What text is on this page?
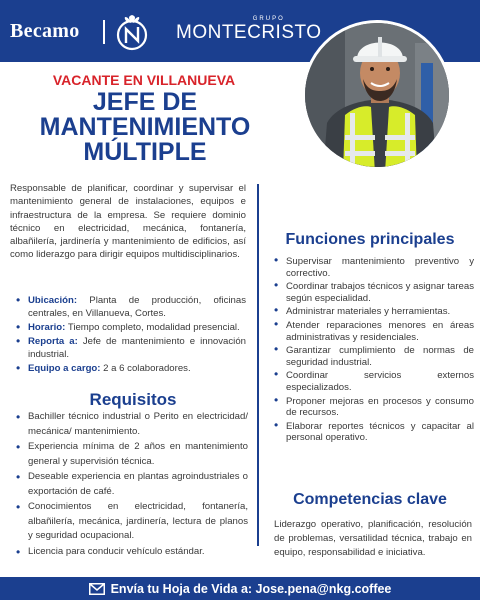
Becamo
GRUPO
MONTECRISTO
VACANTE EN VILLANUEVA
JEFE DE
MANTENIMIENTO
MÚLTIPLE

Responsable de planificar, coordinar y supervisar el mantenimiento general de instalaciones, equipos e infraestructura de la empresa. Se requiere dominio técnico en electricidad, mecánica, fontanería, albañilería, jardinería y mantenimiento de edificios, así como liderazgo para dirigir equipos multidisciplinarios.

• Ubicación: Planta de producción, oficinas centrales, en Villanueva, Cortes.
• Horario: Tiempo completo, modalidad presencial.
• Reporta a: Jefe de mantenimiento e innovación industrial.
• Equipo a cargo: 2 a 6 colaboradores.
Requisitos
• Bachiller técnico industrial o Perito en electricidad/ mecánica/ mantenimiento.
• Experiencia mínima de 2 años en mantenimiento general y supervisión técnica.
• Deseable experiencia en plantas agroindustriales o exportación de café.
• Conocimientos en electricidad, fontanería, albañilería, mecánica, jardinería, lectura de planos y seguridad ocupacional.
• Licencia para conducir vehículo estándar.
Funciones principales
• Supervisar mantenimiento preventivo y correctivo.
• Coordinar trabajos técnicos y asignar tareas según especialidad.
• Administrar materiales y herramientas.
• Atender reparaciones menores en áreas administrativas y residenciales.
• Garantizar cumplimiento de normas de seguridad industrial.
• Coordinar servicios externos especializados.
• Proponer mejoras en procesos y consumo de recursos.
• Elaborar reportes técnicos y capacitar al personal operativo.
Competencias clave

Liderazgo operativo, planificación, resolución de problemas, versatilidad técnica, trabajo en equipo, responsabilidad e iniciativa.

Envía tu Hoja de Vida a: Jose.pena@nkg.coffee
